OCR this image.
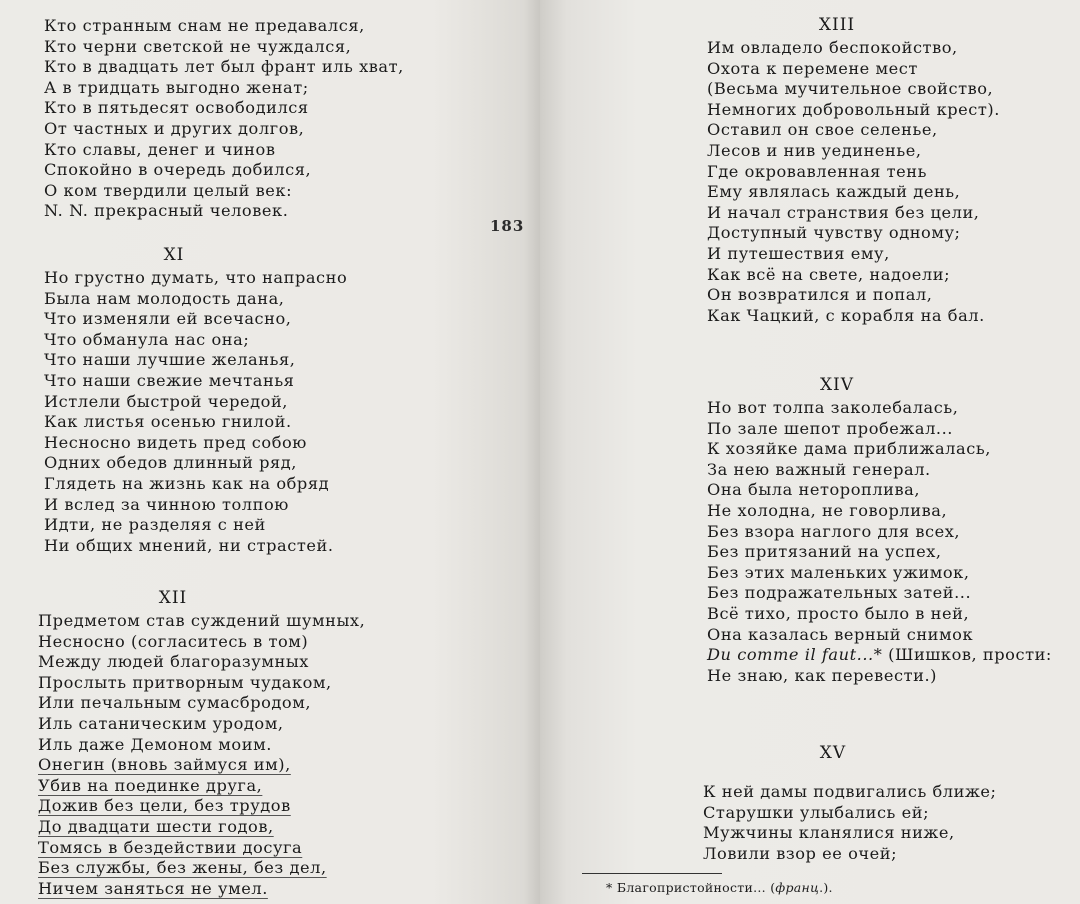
Кто странным снам не предавался,
Кто черни светской не чуждался,
Кто в двадцать лет был франт иль хват,
А в тридцать выгодно женат;
Кто в пятьдесят освободился
От частных и других долгов,
Кто славы, денег и чинов
Спокойно в очередь добился,
О ком твердили целый век:
N. N. прекрасный человек.
XI
Но грустно думать, что напрасно
Была нам молодость дана,
Что изменяли ей всечасно,
Что обманула нас она;
Что наши лучшие желанья,
Что наши свежие мечтанья
Истлели быстрой чередой,
Как листья осенью гнилой.
Несносно видеть пред собою
Одних обедов длинный ряд,
Глядеть на жизнь как на обряд
И вслед за чинною толпою
Идти, не разделяя с ней
Ни общих мнений, ни страстей.
XII
Предметом став суждений шумных,
Несносно (согласитесь в том)
Между людей благоразумных
Прослыть притворным чудаком,
Или печальным сумасбродом,
Иль сатаническим уродом,
Иль даже Демоном моим.
Онегин (вновь займуся им),
Убив на поединке друга,
Дожив без цели, без трудов
До двадцати шести годов,
Томясь в бездействии досуга
Без службы, без жены, без дел,
Ничем заняться не умел.
183
XIII
Им овладело беспокойство,
Охота к перемене мест
(Весьма мучительное свойство,
Немногих добровольный крест).
Оставил он свое селенье,
Лесов и нив уединенье,
Где окровавленная тень
Ему являлась каждый день,
И начал странствия без цели,
Доступный чувству одному;
И путешествия ему,
Как всё на свете, надоели;
Он возвратился и попал,
Как Чацкий, с корабля на бал.
XIV
Но вот толпа заколебалась,
По зале шепот пробежал...
К хозяйке дама приближалась,
За нею важный генерал.
Она была нетороплива,
Не холодна, не говорлива,
Без взора наглого для всех,
Без притязаний на успех,
Без этих маленьких ужимок,
Без подражательных затей...
Всё тихо, просто было в ней,
Она казалась верный снимок
Du comme il faut...* (Шишков, прости:
Не знаю, как перевести.)
XV
К ней дамы подвигались ближе;
Старушки улыбались ей;
Мужчины кланялися ниже,
Ловили взор ее очей;
* Благопристойности... (франц.).
